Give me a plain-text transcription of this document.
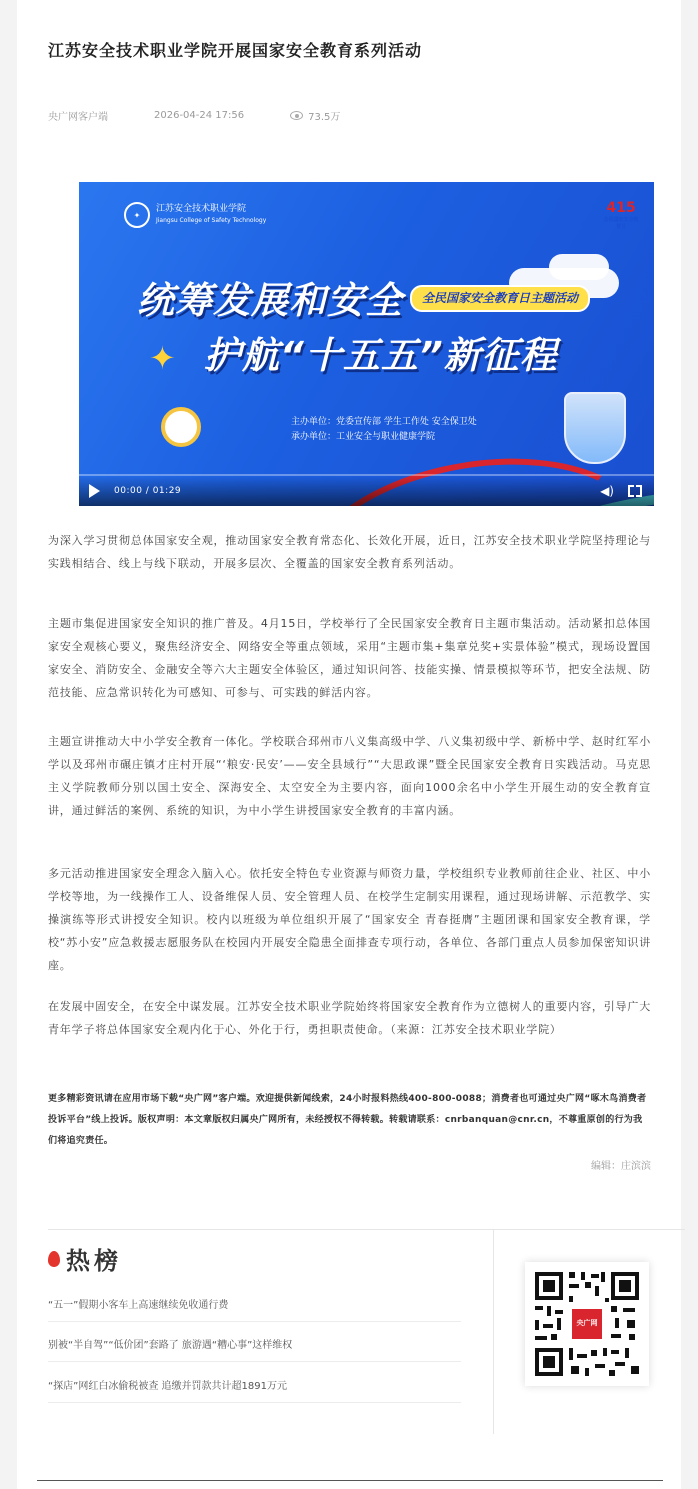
江苏安全技术职业学院开展国家安全教育系列活动
央广网客户端	2026-04-24 17:56	73.5万
✦
江苏安全技术职业学院
Jiangsu College of Safety Technology
415
全民国家安全教育日
统筹发展和安全	全民国家安全教育日主题活动
✦ 护航“十五五”新征程
主办单位：党委宣传部 学生工作处 安全保卫处
承办单位：工业安全与职业健康学院
00:00 / 01:29	◀)

为深入学习贯彻总体国家安全观，推动国家安全教育常态化、长效化开展，近日，江苏安全技术职业学院坚持理论与实践相结合、线上与线下联动，开展多层次、全覆盖的国家安全教育系列活动。

主题市集促进国家安全知识的推广普及。4月15日，学校举行了全民国家安全教育日主题市集活动。活动紧扣总体国家安全观核心要义，聚焦经济安全、网络安全等重点领域，采用“主题市集+集章兑奖+实景体验”模式，现场设置国家安全、消防安全、金融安全等六大主题安全体验区，通过知识问答、技能实操、情景模拟等环节，把安全法规、防范技能、应急常识转化为可感知、可参与、可实践的鲜活内容。

主题宣讲推动大中小学安全教育一体化。学校联合邳州市八义集高级中学、八义集初级中学、新桥中学、赵时红军小学以及邳州市碾庄镇才庄村开展“‘粮安·民安’——安全县域行”“大思政课”暨全民国家安全教育日实践活动。马克思主义学院教师分别以国土安全、深海安全、太空安全为主要内容，面向1000余名中小学生开展生动的安全教育宣讲，通过鲜活的案例、系统的知识，为中小学生讲授国家安全教育的丰富内涵。

多元活动推进国家安全理念入脑入心。依托安全特色专业资源与师资力量，学校组织专业教师前往企业、社区、中小学校等地，为一线操作工人、设备维保人员、安全管理人员、在校学生定制实用课程，通过现场讲解、示范教学、实操演练等形式讲授安全知识。校内以班级为单位组织开展了“国家安全 青春挺膺”主题团课和国家安全教育课，学校“苏小安”应急救援志愿服务队在校园内开展安全隐患全面排查专项行动，各单位、各部门重点人员参加保密知识讲座。

在发展中固安全，在安全中谋发展。江苏安全技术职业学院始终将国家安全教育作为立德树人的重要内容，引导广大青年学子将总体国家安全观内化于心、外化于行，勇担职责使命。（来源：江苏安全技术职业学院）

更多精彩资讯请在应用市场下载“央广网”客户端。欢迎提供新闻线索，24小时报料热线400-800-0088；消费者也可通过央广网“啄木鸟消费者投诉平台”线上投诉。版权声明：本文章版权归属央广网所有，未经授权不得转载。转载请联系：cnrbanquan@cnr.cn，不尊重原创的行为我们将追究责任。

编辑：庄滨滨
热榜
“五一”假期小客车上高速继续免收通行费
别被“半自驾”“低价团”套路了 旅游遇“糟心事”这样维权
“探店”网红白冰偷税被查 追缴并罚款共计超1891万元
央广网
